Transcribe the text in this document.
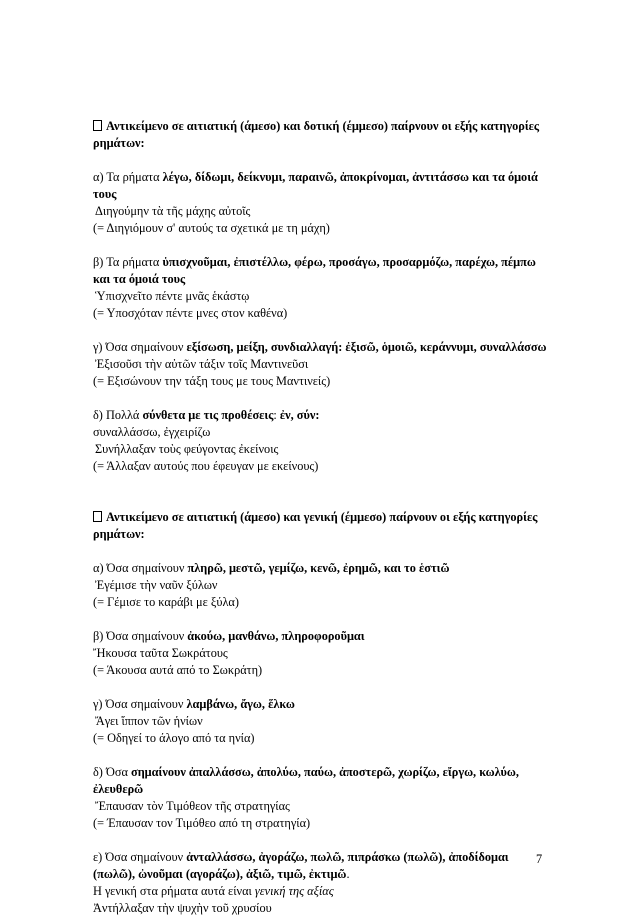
Αντικείμενο σε αιτιατική (άμεσο) και δοτική (έμμεσο) παίρνουν οι εξής κατηγορίες ρημάτων:

α) Τα ρήματα λέγω, δίδωμι, δείκνυμι, παραινῶ, ἀποκρίνομαι, ἀντιτάσσω και τα όμοιά τους

Διηγούμην τὰ τῆς μάχης αὐτοῖς

(= Διηγιόμουν σ' αυτούς τα σχετικά με τη μάχη)

β) Τα ρήματα ὑπισχνοῦμαι, ἐπιστέλλω, φέρω, προσάγω, προσαρμόζω, παρέχω, πέμπω και τα όμοιά τους

Ὑπισχνεῖτο πέντε μνᾶς ἑκάστῳ

(= Υποσχόταν πέντε μνες στον καθένα)

γ) Όσα σημαίνουν εξίσωση, μείξη, συνδιαλλαγή: ἐξισῶ, ὁμοιῶ, κεράννυμι, συναλλάσσω

Ἐξισοῦσι τὴν αὐτῶν τάξιν τοῖς Μαντινεῦσι

(= Εξισώνουν την τάξη τους με τους Μαντινείς)

δ) Πολλά σύνθετα με τις προθέσεις: ἐν, σύν:

συναλλάσσω, ἐγχειρίζω

Συνήλλαξαν τοὺς φεύγοντας ἐκείνοις

(= Άλλαξαν αυτούς που έφευγαν με εκείνους)

Αντικείμενο σε αιτιατική (άμεσο) και γενική (έμμεσο) παίρνουν οι εξής κατηγορίες ρημάτων:

α) Όσα σημαίνουν πληρῶ, μεστῶ, γεμίζω, κενῶ, ἐρημῶ, και το ἑστιῶ

Ἐγέμισε τὴν ναῦν ξύλων

(= Γέμισε το καράβι με ξύλα)

β) Όσα σημαίνουν ἀκούω, μανθάνω, πληροφοροῦμαι

Ἤκουσα ταῦτα Σωκράτους

(= Άκουσα αυτά από το Σωκράτη)

γ) Όσα σημαίνουν λαμβάνω, ἄγω, ἕλκω

Ἄγει ἵππον τῶν ἡνίων

(= Οδηγεί το άλογο από τα ηνία)

δ) Όσα σημαίνουν ἀπαλλάσσω, ἀπολύω, παύω, ἀποστερῶ, χωρίζω, εἴργω, κωλύω, ἐλευθερῶ

Ἔπαυσαν τὸν Τιμόθεον τῆς στρατηγίας

(= Έπαυσαν τον Τιμόθεο από τη στρατηγία)

ε) Όσα σημαίνουν ἀνταλλάσσω, ἀγοράζω, πωλῶ, πιπράσκω (πωλῶ), ἀποδίδομαι (πωλῶ), ὠνοῦμαι (αγοράζω), ἀξιῶ, τιμῶ, ἐκτιμῶ.

Η γενική στα ρήματα αυτά είναι γενική της αξίας

Ἀντήλλαξαν τὴν ψυχὴν τοῦ χρυσίου

7
